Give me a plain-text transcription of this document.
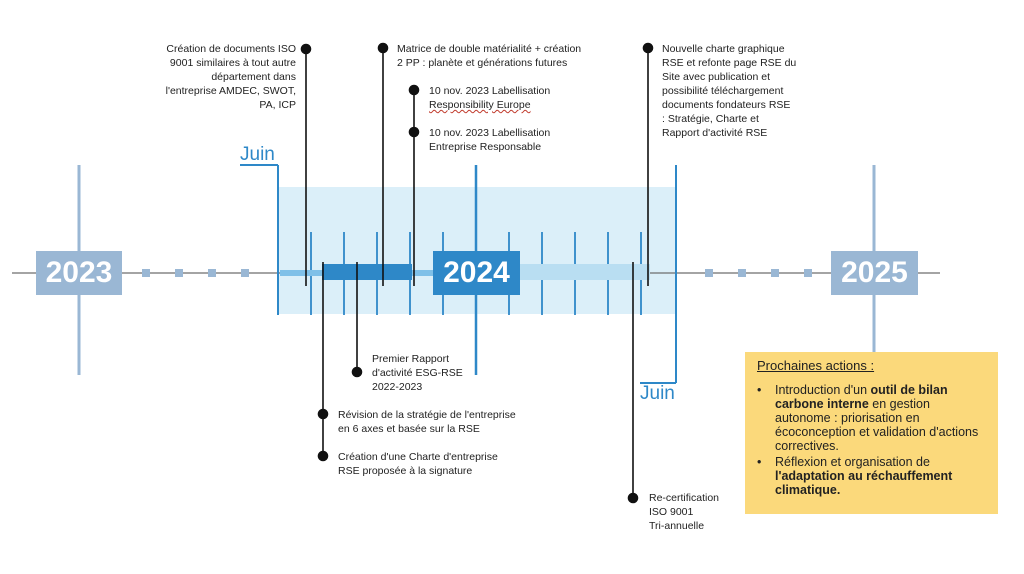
2023	2024	2025
Juin
Juin
Création de documents ISO
9001 similaires à tout autre
département dans
l'entreprise AMDEC, SWOT,
PA, ICP
Matrice de double matérialité + création
2 PP : planète et générations futures
10 nov. 2023 Labellisation
Responsibility Europe
10 nov. 2023 Labellisation
Entreprise Responsable
Nouvelle charte graphique
RSE et refonte page RSE du
Site avec publication et
possibilité téléchargement
documents fondateurs RSE
: Stratégie, Charte et
Rapport d'activité RSE
Premier Rapport
d'activité ESG-RSE
2022-2023
Révision de la stratégie de l'entreprise
en 6 axes et basée sur la RSE
Création d'une Charte d'entreprise
RSE proposée à la signature
Re-certification
ISO 9001
Tri-annuelle
Prochaines actions :
• Introduction d'un outil de bilan carbone interne en gestion autonome : priorisation en écoconception et validation d'actions correctives.
• Réflexion et organisation de l'adaptation au réchauffement climatique.
